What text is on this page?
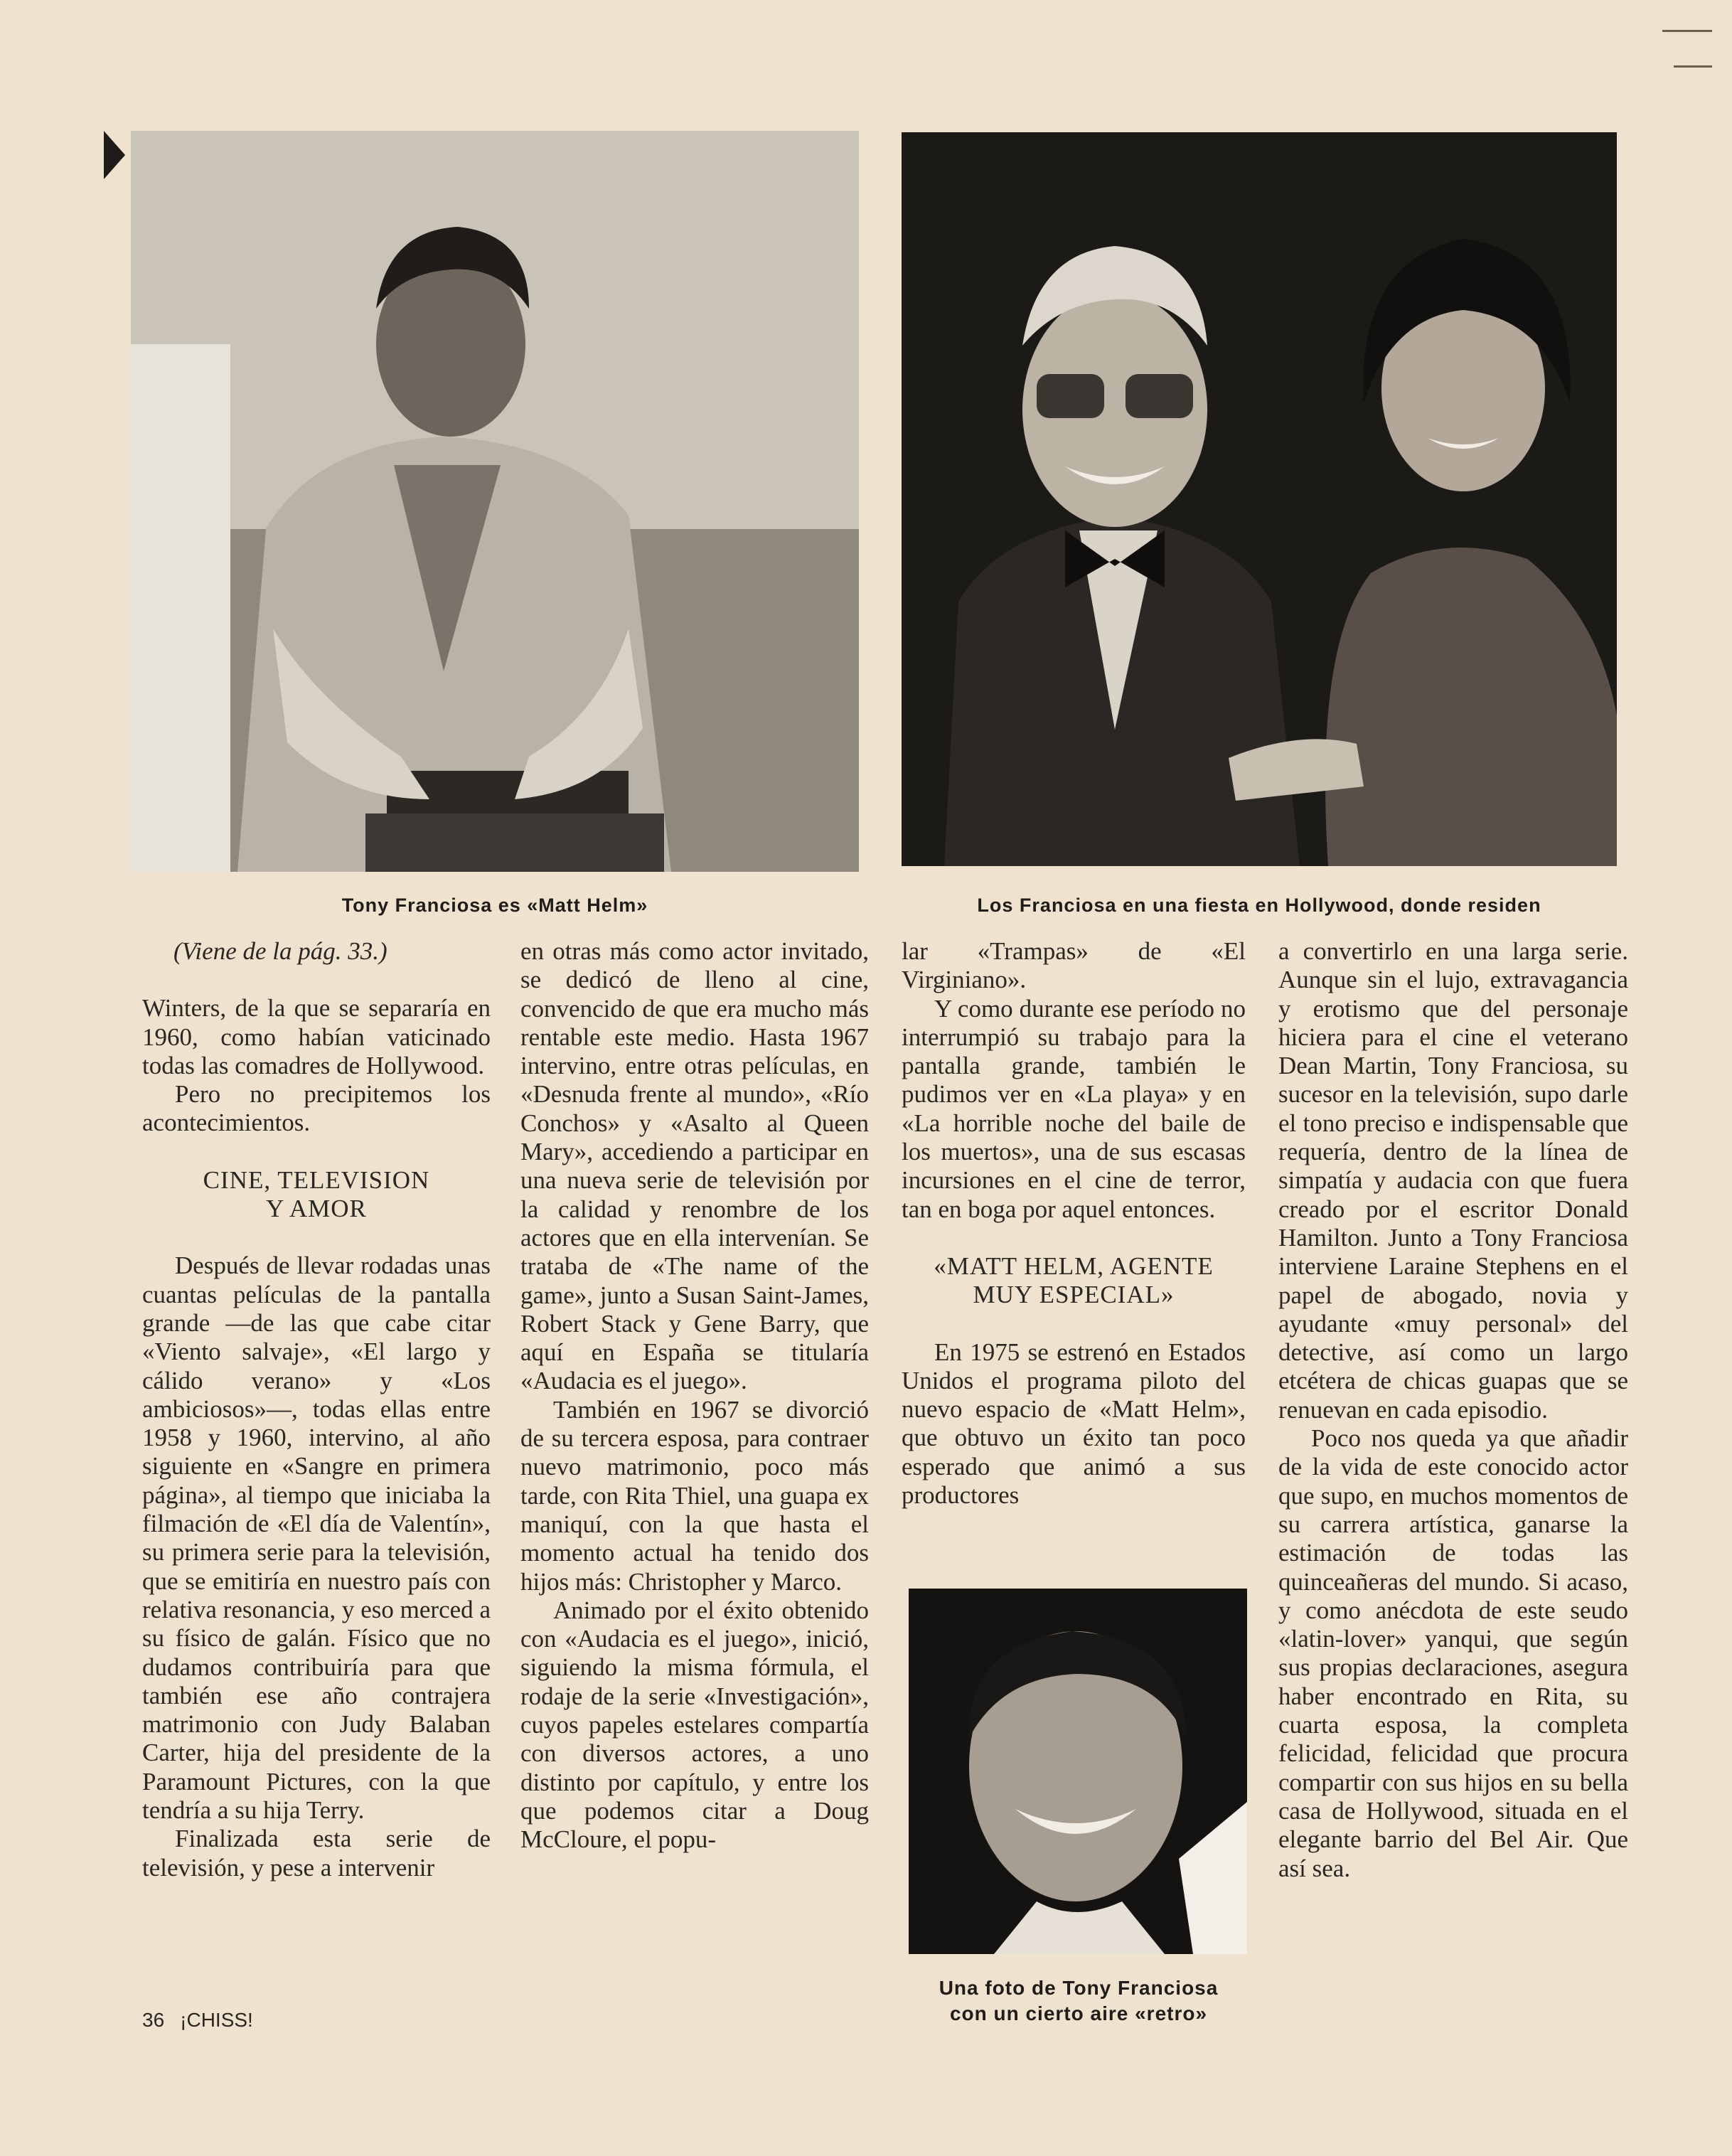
Tony Franciosa es «Matt Helm»	Los Franciosa en una fiesta en Hollywood, donde residen
Una foto de Tony Franciosa
con un cierto aire «retro»

(Viene de la pág. 33.)

Winters, de la que se separaría en 1960, como habían vaticinado todas las comadres de Hollywood.

Pero no precipitemos los acontecimientos.

CINE, TELEVISION
Y AMOR

Después de llevar rodadas unas cuantas películas de la pantalla grande —de las que cabe citar «Viento salvaje», «El largo y cálido verano» y «Los ambiciosos»—, todas ellas entre 1958 y 1960, intervino, al año siguiente en «Sangre en primera página», al tiempo que iniciaba la filmación de «El día de Valentín», su primera serie para la televisión, que se emitiría en nuestro país con relativa resonancia, y eso merced a su físico de galán. Físico que no dudamos contribuiría para que también ese año contrajera matrimonio con Judy Balaban Carter, hija del presidente de la Paramount Pictures, con la que tendría a su hija Terry.

Finalizada esta serie de televisión, y pese a intervenir

en otras más como actor invitado, se dedicó de lleno al cine, convencido de que era mucho más rentable este medio. Hasta 1967 intervino, entre otras películas, en «Desnuda frente al mundo», «Río Conchos» y «Asalto al Queen Mary», accediendo a participar en una nueva serie de televisión por la calidad y renombre de los actores que en ella intervenían. Se trataba de «The name of the game», junto a Susan Saint-James, Robert Stack y Gene Barry, que aquí en España se titularía «Audacia es el juego».

También en 1967 se divorció de su tercera esposa, para contraer nuevo matrimonio, poco más tarde, con Rita Thiel, una guapa ex maniquí, con la que hasta el momento actual ha tenido dos hijos más: Christopher y Marco.

Animado por el éxito obtenido con «Audacia es el juego», inició, siguiendo la misma fórmula, el rodaje de la serie «Investigación», cuyos papeles estelares compartía con diversos actores, a uno distinto por capítulo, y entre los que podemos citar a Doug McCloure, el popu-

lar «Trampas» de «El Virginiano».

Y como durante ese período no interrumpió su trabajo para la pantalla grande, también le pudimos ver en «La playa» y en «La horrible noche del baile de los muertos», una de sus escasas incursiones en el cine de terror, tan en boga por aquel entonces.

«MATT HELM, AGENTE
MUY ESPECIAL»

En 1975 se estrenó en Estados Unidos el programa piloto del nuevo espacio de «Matt Helm», que obtuvo un éxito tan poco esperado que animó a sus productores

a convertirlo en una larga serie. Aunque sin el lujo, extravagancia y erotismo que del personaje hiciera para el cine el veterano Dean Martin, Tony Franciosa, su sucesor en la televisión, supo darle el tono preciso e indispensable que requería, dentro de la línea de simpatía y audacia con que fuera creado por el escritor Donald Hamilton. Junto a Tony Franciosa interviene Laraine Stephens en el papel de abogado, novia y ayudante «muy personal» del detective, así como un largo etcétera de chicas guapas que se renuevan en cada episodio.

Poco nos queda ya que añadir de la vida de este conocido actor que supo, en muchos momentos de su carrera artística, ganarse la estimación de todas las quinceañeras del mundo. Si acaso, y como anécdota de este seudo «latin-lover» yanqui, que según sus propias declaraciones, asegura haber encontrado en Rita, su cuarta esposa, la completa felicidad, felicidad que procura compartir con sus hijos en su bella casa de Hollywood, situada en el elegante barrio del Bel Air. Que así sea.

36 ¡CHISS!
